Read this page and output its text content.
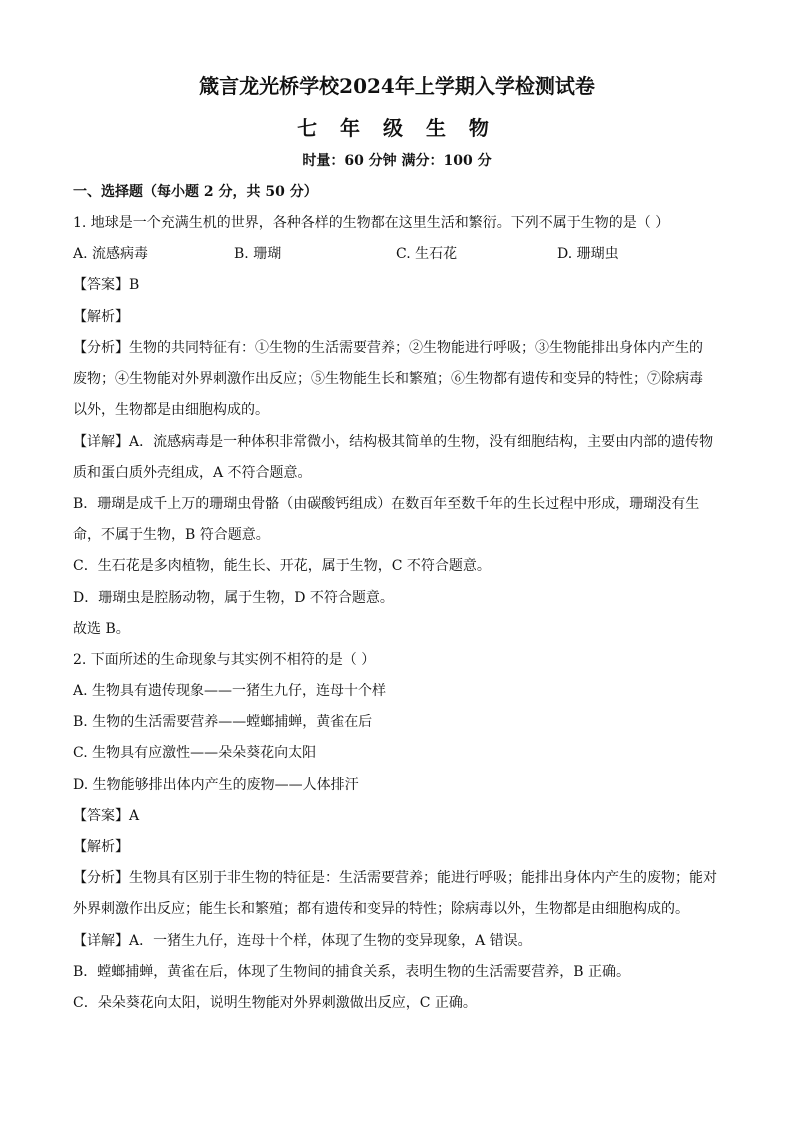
箴言龙光桥学校2024年上学期入学检测试卷
七 年 级 生 物
时量：60 分钟 满分：100 分
一、选择题（每小题 2 分，共 50 分）
1. 地球是一个充满生机的世界，各种各样的生物都在这里生活和繁衍。下列不属于生物的是（ ）
A. 流感病毒	B. 珊瑚	C. 生石花	D. 珊瑚虫
【答案】B
【解析】
【分析】生物的共同特征有：①生物的生活需要营养；②生物能进行呼吸；③生物能排出身体内产生的
废物；④生物能对外界刺激作出反应；⑤生物能生长和繁殖；⑥生物都有遗传和变异的特性；⑦除病毒
以外，生物都是由细胞构成的。
【详解】A．流感病毒是一种体积非常微小，结构极其简单的生物，没有细胞结构，主要由内部的遗传物
质和蛋白质外壳组成，A 不符合题意。
B．珊瑚是成千上万的珊瑚虫骨骼（由碳酸钙组成）在数百年至数千年的生长过程中形成，珊瑚没有生
命，不属于生物，B 符合题意。
C．生石花是多肉植物，能生长、开花，属于生物，C 不符合题意。
D．珊瑚虫是腔肠动物，属于生物，D 不符合题意。
故选 B。
2. 下面所述的生命现象与其实例不相符的是（ ）
A. 生物具有遗传现象——一猪生九仔，连母十个样
B. 生物的生活需要营养——螳螂捕蝉，黄雀在后
C. 生物具有应激性——朵朵葵花向太阳
D. 生物能够排出体内产生的废物——人体排汗
【答案】A
【解析】
【分析】生物具有区别于非生物的特征是：生活需要营养；能进行呼吸；能排出身体内产生的废物；能对
外界刺激作出反应；能生长和繁殖；都有遗传和变异的特性；除病毒以外，生物都是由细胞构成的。
【详解】A．一猪生九仔，连母十个样，体现了生物的变异现象，A 错误。
B．螳螂捕蝉，黄雀在后，体现了生物间的捕食关系，表明生物的生活需要营养，B 正确。
C．朵朵葵花向太阳，说明生物能对外界刺激做出反应，C 正确。
